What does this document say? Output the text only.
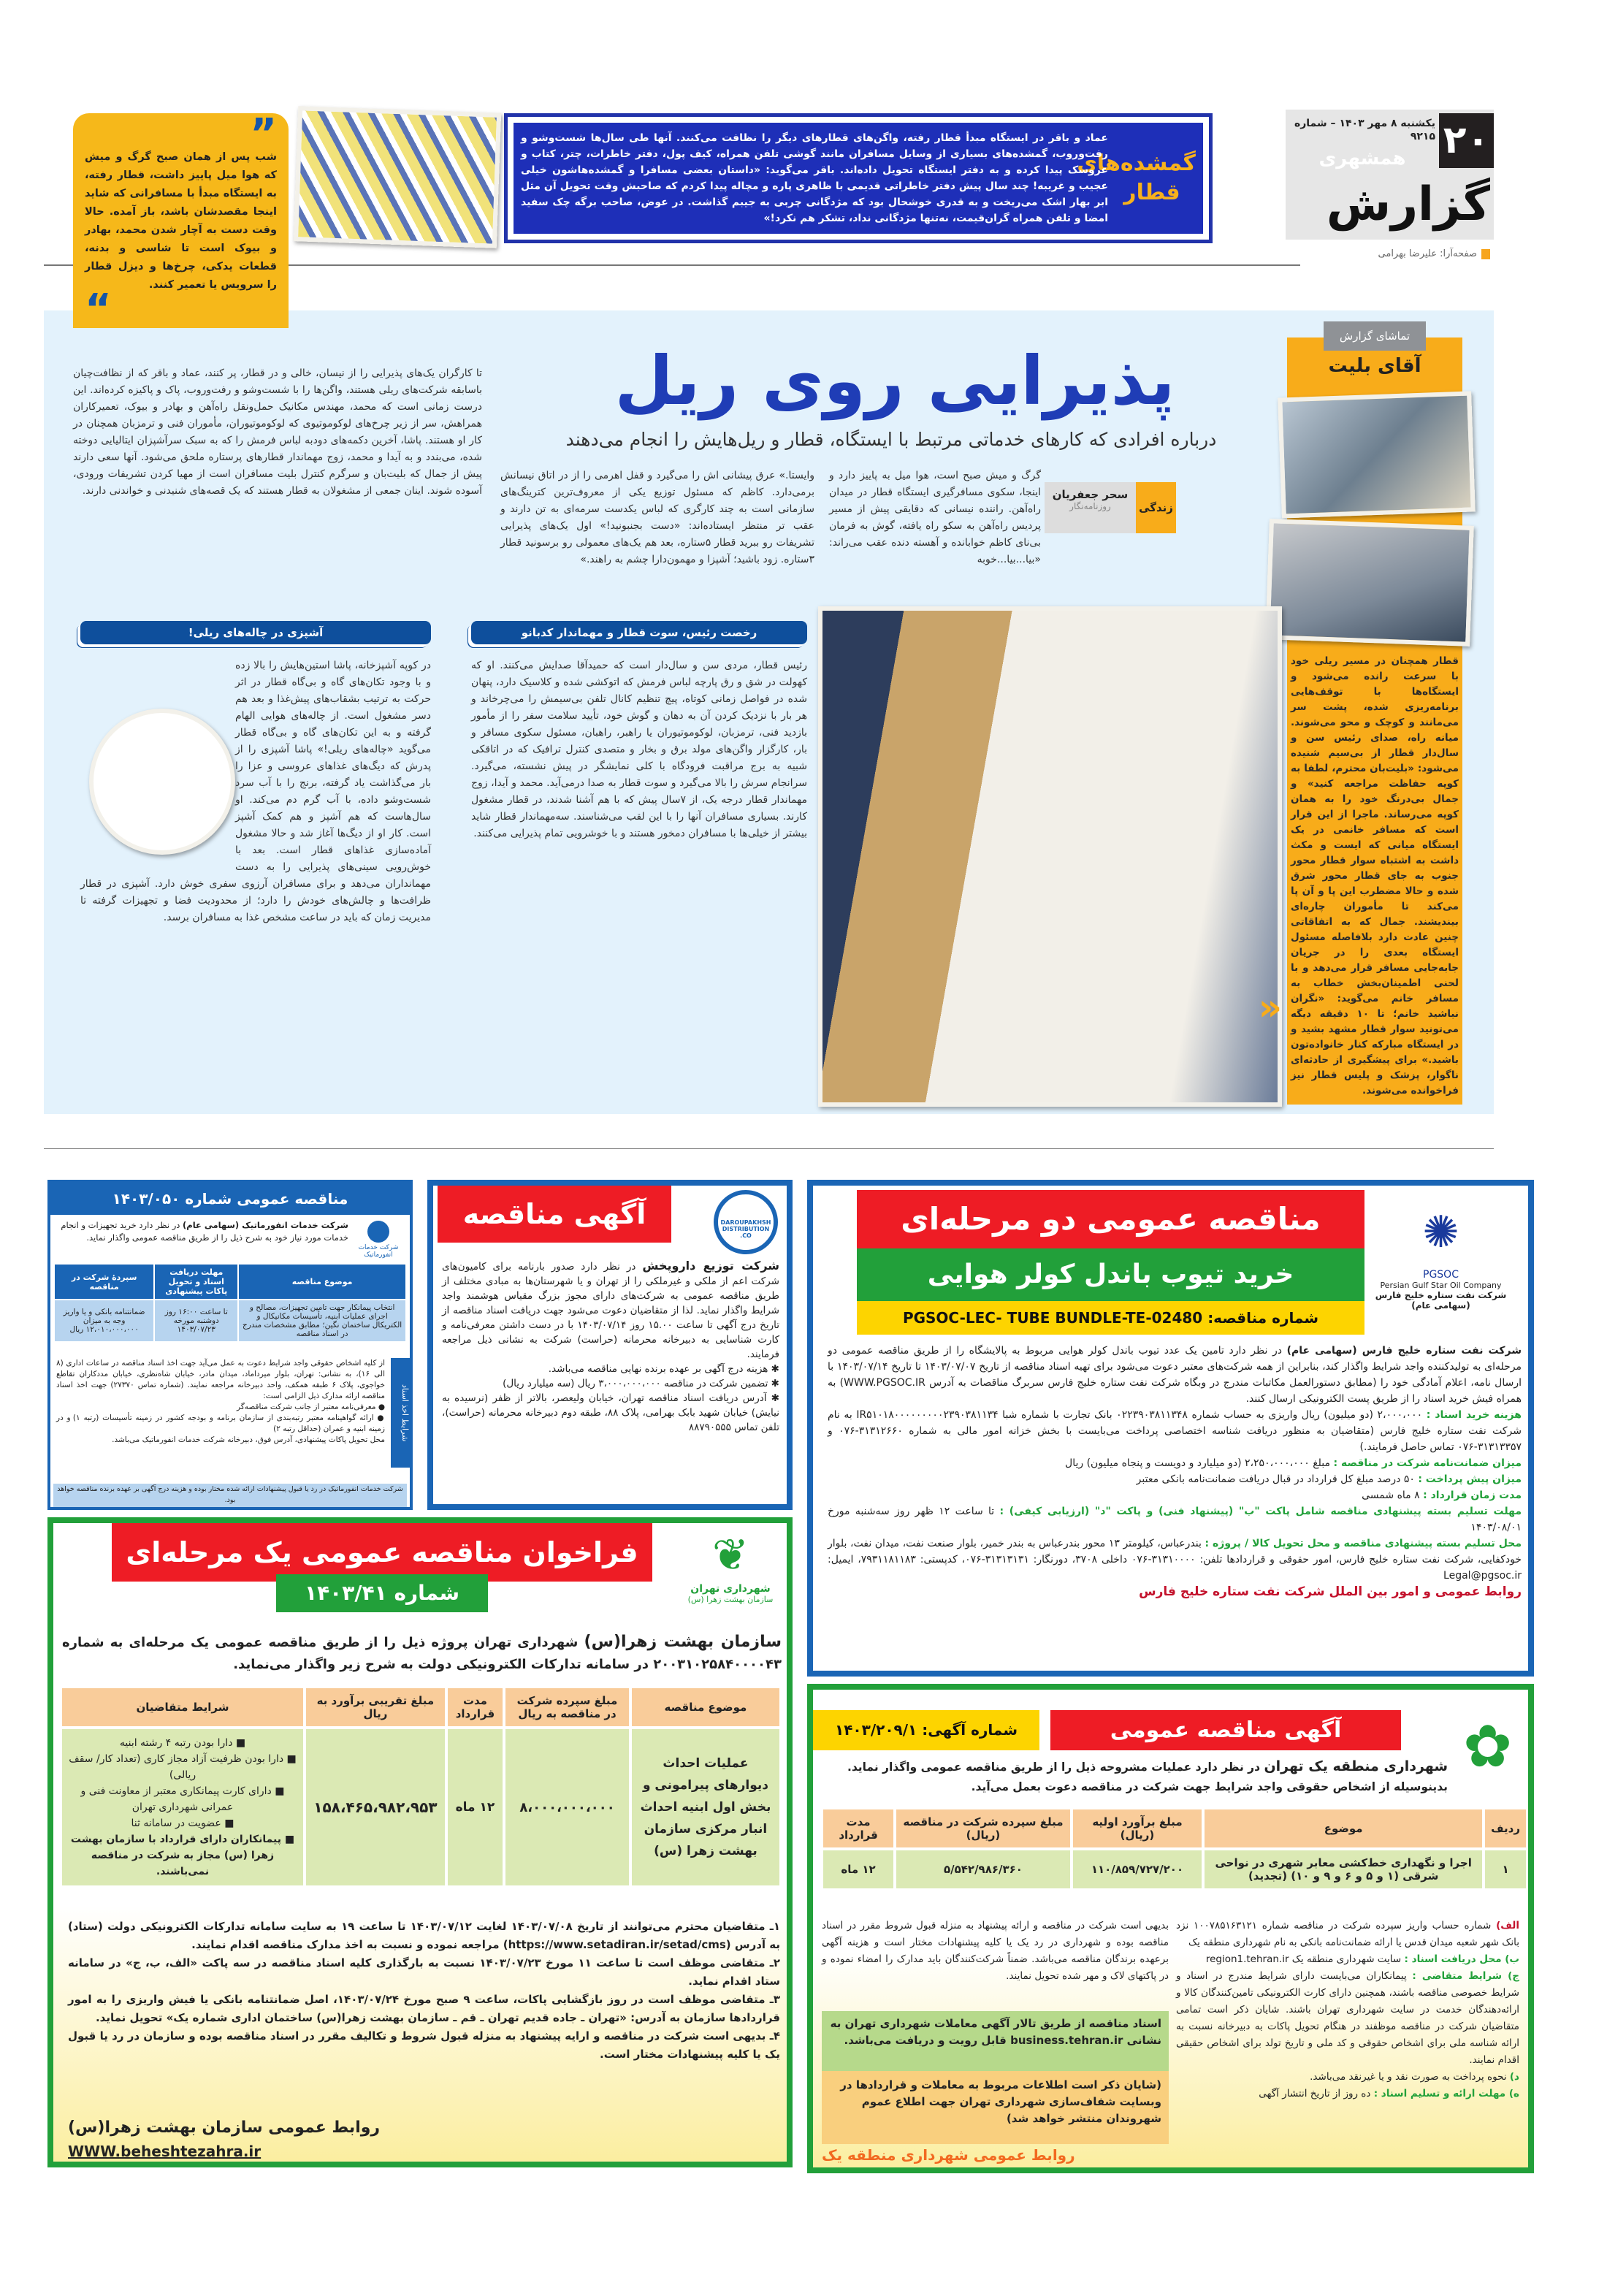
۲۰
یکشنبه ۸ مهر ۱۴۰۳ – شماره ۹۲۱۵
همشهری
گزارش
صفحه‌آرا: علیرضا بهرامی
گمشده‌های قطار
عماد و باقر در ایستگاه مبدأ قطار رفته، واگن‌های قطارهای دیگر را نظافت می‌کنند. آنها طی سال‌ها شست‌وشو و رفت‌وروب، گمشده‌های بسیاری از وسایل مسافران مانند گوشی تلفن همراه، کیف پول، دفتر خاطرات، چتر، کتاب و عروسک پیدا کرده و به دفتر ایستگاه تحویل داده‌اند. باقر می‌گوید: «داستان بعضی مسافرا و گمشده‌هاشون خیلی عجیب و غریبه! چند سال پیش دفتر خاطراتی قدیمی با ظاهری پاره و مچاله پیدا کردم که صاحبش وقت تحویل آن مثل ابر بهار اشک می‌ریخت و به قدری خوشحال بود که مژدگانی چربی به جیبم گذاشت. در عوض، صاحب برگه چک سفید امضا و تلفن همراه گران‌قیمت، نه‌تنها مژدگانی نداد، تشکر هم نکرد!»
”
شب پس از همان صبح گرگ و میش که هوا میل پاییز داشت، قطار رفته، به ایستگاه مبدأ با مسافرانی که شاید اینجا مقصدشان باشد، باز آمده. حالا وقت دست به آچار شدن محمد، بهادر و بیوک است تا شاسی و بدنه، قطعات یدکی، چرخ‌ها و دیزل قطار را سرویس یا تعمیر کنند.
“
تماشای گزارش
آقای بلیت
قطار همچنان در مسیر ریلی خود با سرعت رانده می‌شود و ایستگاه‌ها با توقف‌هایی برنامه‌ریزی شده، پشت سر می‌مانند و کوچک و محو می‌شوند. میانه راه، صدای رئیس سن و سال‌دار قطار از بی‌سیم شنیده می‌شود: «بلیت‌بان محترم، لطفا به کوپه حفاظت مراجعه کنید» و جمال بی‌درنگ خود را به همان کوپه می‌رساند. ماجرا از این قرار است که مسافر خانمی در یک ایستگاه میانی که ایست و مکث داشت به اشتباه سوار قطار محور جنوب به جای قطار محور شرق شده و حالا مضطرب این پا و آن پا می‌کند تا مأموران چاره‌ای بیندیشند. جمال که به اتفاقاتی چنین عادت دارد بلافاصله مسئول ایستگاه بعدی را در جریان جابه‌جایی مسافر قرار می‌دهد و با لحنی اطمینان‌بخش خطاب به مسافر خانم می‌گوید: «نگران نباشید خانم؛ تا ۱۰ دقیقه دیگه می‌تونید سوار قطار مشهد بشید و در ایستگاه مبارکه کنار خانواده‌تون باشید.» برای پیشگیری از حادثه‌ای ناگوار، پزشک و پلیس قطار نیز فراخوانده می‌شوند.
پذیرایی روی ریل
درباره افرادی که کارهای خدماتی مرتبط با ایستگاه، قطار و ریل‌هایش را انجام می‌دهند
زندگی
سحر جعفریان
روزنامه‌نگار
گرگ و میش صبح است، هوا میل به پاییز دارد و اینجا، سکوی مسافرگیری ایستگاه قطار در میدان راه‌آهن. راننده نیسانی که دقایقی پیش از مسیر پردیس راه‌آهن به سکو راه یافته، گوش به فرمان بی‌نای کاظم خوابانده و آهسته دنده عقب می‌راند: «بیا...بیا...خوبه
وایستا.» عرق پیشانی اش را می‌گیرد و قفل اهرمی را از در اتاق نیسانش برمی‌دارد. کاظم که مسئول توزیع یکی از معروف‌ترین کترینگ‌های سازمانی است به چند کارگری که لباس یکدست سرمه‌ای به تن دارند و عقب تر منتظر ایستاده‌اند: «دست بجنبونید!» اول یک‌های پذیرایی تشریفات رو ببرید قطار ۵ستاره، بعد هم یک‌های معمولی رو برسونید قطار ۳ستاره. زود باشید؛ آشپزا و مهمون‌دارا چشم به راهند.»
تا کارگران یک‌های پذیرایی را از نیسان، خالی و در قطار، پر کنند، عماد و باقر که از نظافت‌چیان باسابقه شرکت‌های ریلی هستند، واگن‌ها را با شست‌وشو و رفت‌وروب، پاک و پاکیزه کرده‌اند. این درست زمانی است که محمد، مهندس مکانیک حمل‌ونقل راه‌آهن و بهادر و بیوک، تعمیرکاران همراهش، سر از زیر چرخ‌های لوکوموتیوی که لوکوموتیوران، مأموران فنی و ترمزبان همچنان در کار او هستند. پاشا، آخرین دکمه‌های دودبه لباس فرمش را که به سبک سرآشپزان ایتالیایی دوخته شده، می‌بندد و به آیدا و محمد، زوج مهماندار قطارهای پرستاره ملحق می‌شود. آنها سعی دارند پیش از جمال که بلیت‌بان و سرگرم کنترل بلیت مسافران است از مهیا کردن تشریفات ورودی، آسوده شوند. اینان جمعی از مشغولان به قطار هستند که یک قصه‌های شنیدنی و خواندنی دارند.
«
رخصت رئیس، سوت قطار و مهماندار کدبانو
رئیس قطار، مردی سن و سال‌دار است که حمیدآقا صدایش می‌کنند. او که کهولت در شق و رق پارچه لباس فرمش که اتوکشی شده و کلاسیک دارد، پنهان شده در فواصل زمانی کوتاه، پیچ تنظیم کانال تلفن بی‌سیمش را می‌چرخاند و هر بار با نزدیک کردن آن به دهان و گوش خود، تأیید سلامت سفر را از مأمور بازدید فنی، ترمزبان، لوکوموتیوران یا راهبر، راهبان، مسئول سکوی مسافر و بار، کارگزار واگن‌های مولد برق و بخار و متصدی کنترل ترافیک که در اتاقکی شبیه به برج مراقبت فرودگاه با کلی نمایشگر در پیش نشسته، می‌گیرد. سرانجام سرش را بالا می‌گیرد و سوت قطار به صدا درمی‌آید. محمد و آیدا، زوج مهماندار قطار درجه یک، از ۷سال پیش که با هم آشنا شدند، در قطار مشغول کارند. بسیاری مسافران آنها را با این لقب می‌شناسند. سه‌مهماندار قطار شاید بیشتر از خیلی‌ها با مسافران دمخور هستند و با خوشرویی تمام پذیرایی می‌کنند.
آشپزی در چاله‌های ریلی!
در کوپه آشپزخانه، پاشا استین‌هایش را بالا زده و با وجود تکان‌های گاه و بی‌گاه قطار در اثر حرکت به ترتیب بشقاب‌های پیش‌غذا و بعد هم دسر مشغول است. از چاله‌های هوایی الهام گرفته و به این تکان‌های گاه و بی‌گاه قطار می‌گوید «چاله‌های ریلی!» پاشا آشپزی را از پدرش که دیگ‌های غذاهای عروسی و عزا را بار می‌گذاشت یاد گرفته، برنج را با آب سرد شست‌وشو داده، با آب گرم دم می‌کند. او سال‌هاست که هم آشپز و هم کمک آشپز است. کار او از دیگ‌ها آغاز شد و حالا مشغول آماده‌سازی غذاهای قطار است. بعد با خوش‌رویی سینی‌های پذیرایی را به دست مهمانداران می‌دهد و برای مسافران آرزوی سفری خوش دارد. آشپزی در قطار ظرافت‌ها و چالش‌های خودش را دارد؛ از محدودیت فضا و تجهیزات گرفته تا مدیریت زمان که باید در ساعت مشخص غذا به مسافران برسد.
✺
PGSOC
Persian Gulf Star Oil Company
شرکت نفت ستاره خلیج فارس (سهامی عام)
مناقصه عمومی دو مرحله‌ای
خرید تیوب باندل کولر هوایی
شماره مناقصه: PGSOC-LEC- TUBE BUNDLE-TE-02480

شرکت نفت ستاره خلیج فارس (سهامی عام) در نظر دارد تامین یک عدد تیوب باندل کولر هوایی مربوط به پالایشگاه را از طریق مناقصه عمومی دو مرحله‌ای به تولیدکننده واجد شرایط واگذار کند، بنابراین از همه شرکت‌های معتبر دعوت می‌شود برای تهیه اسناد مناقصه از تاریخ ۱۴۰۳/۰۷/۰۷ تا تاریخ ۱۴۰۳/۰۷/۱۴ با ارسال نامه، اعلام آمادگی خود را (مطابق دستورالعمل مکاتبات مندرج در وبگاه شرکت نفت ستاره خلیج فارس سربرگ مناقصات به آدرس WWW.PGSOC.IR) به همراه فیش خرید اسناد را از طریق پست الکترونیکی ارسال کنند.

هزینه خرید اسناد : ۲،۰۰۰،۰۰۰ (دو میلیون) ریال واریزی به حساب شماره ۰۲۲۳۹۰۳۸۱۱۳۴۸ بانک تجارت با شماره شبا IR۵۱۰۱۸۰۰۰۰۰۰۰۰۰۲۳۹۰۳۸۱۱۳۴ به نام شرکت نفت ستاره خلیج فارس (متقاضیان به منظور دریافت شناسه اختصاصی پرداخت می‌بایست با بخش خزانه امور مالی به شماره ۳۱۳۱۲۶۶۰-۰۷۶ و ۳۱۳۱۳۳۵۷-۰۷۶ تماس حاصل فرمایند.)

میزان ضمانت‌نامه شرکت در مناقصه : مبلغ ۲،۲۵۰،۰۰۰،۰۰۰ (دو میلیارد و دویست و پنجاه میلیون) ریال

میزان پیش پرداخت : ۵۰ درصد مبلغ کل قرارداد در قبال دریافت ضمانت‌نامه بانکی معتبر

مدت زمان قرارداد : ۸ ماه شمسی

مهلت تسلیم بسته پیشنهادی مناقصه شامل پاکت "ب" (پیشنهاد فنی) و پاکت "د" (ارزیابی کیفی) : تا ساعت ۱۲ ظهر روز سه‌شنبه مورخ ۱۴۰۳/۰۸/۰۱

محل تسلیم بسته پیشنهادی مناقصه و محل تحویل کالا / پروژه : بندرعباس، کیلومتر ۱۳ محور بندرعباس به بندر خمیر، بلوار صنعت نفت، میدان نفت، بلوار خودکفایی، شرکت نفت ستاره خلیج فارس، امور حقوقی و قراردادها تلفن: ۳۱۳۱۰۰۰۰-۰۷۶ داخلی ۳۷۰۸، دورنگار: ۳۱۳۱۳۱۳۱-۰۷۶، کدپستی: ۷۹۳۱۱۸۱۱۸۳، ایمیل: Legal@pgsoc.ir

روابط عمومی و امور بین الملل شرکت نفت ستاره خلیج فارس

آگهی مناقصه	DAROUPAKHSH DISTRIBUTION CO.

شرکت توزیع داروپخش در نظر دارد صدور بارنامه برای کامیون‌های شرکت اعم از ملکی و غیرملکی را از تهران و یا شهرستان‌ها به مبادی مختلف از طریق مناقصه عمومی به شرکت‌های دارای مجوز بزرگ مقیاس هوشمند واجد شرایط واگذار نماید. لذا از متقاضیان دعوت می‌شود جهت دریافت اسناد مناقصه از تاریخ درج آگهی تا ساعت ۱۵.۰۰ روز ۱۴۰۳/۰۷/۱۴ با در دست داشتن معرفی‌نامه و کارت شناسایی به دبیرخانه محرمانه (حراست) شرکت به نشانی ذیل مراجعه فرمایند.

✱ هزینه درج آگهی بر عهده برنده نهایی مناقصه می‌باشد.

✱ تضمین شرکت در مناقصه ۳،۰۰۰،۰۰۰،۰۰۰ ریال (سه میلیارد ریال)

✱ آدرس دریافت اسناد مناقصه تهران، خیابان ولیعصر، بالاتر از ظفر (نرسیده به نیایش) خیابان شهید بابک بهرامی، پلاک ۸۸، طبقه دوم دبیرخانه محرمانه (حراست)، تلفن تماس ۸۸۷۹۰۵۵۵

مناقصه عمومی شماره ۱۴۰۳/۰۵۰
شرکت خدمات انفورماتیک
شرکت خدمات انفورماتیک (سهامی عام) در نظر دارد خرید تجهیزات و انجام خدمات مورد نیاز خود به شرح ذیل را از طریق مناقصه عمومی واگذار نماید.
موضوع مناقصه	مهلت دریافت اسناد و تحویل پاکات پیشنهادی	سپردهٔ شرکت در مناقصه
انتخاب پیمانکار جهت تامین تجهیزات، مصالح و اجرای عملیات ابنیه، تأسیسات مکانیکال و الکتریکال ساختمان نگین؛ مطابق مشخصات مندرج در اسناد مناقصه	تا ساعت ۱۶:۰۰ روز دوشنبه مورخه ۱۴۰۳/۰۷/۲۳	ضمانتنامه بانکی و یا واریز وجه به میزان ۱۲،۰۱۰،۰۰۰،۰۰۰ ریال
شرایط اخذ اسناد

از کلیه اشخاص حقوقی واجد شرایط دعوت به عمل می‌آید جهت اخذ اسناد مناقصه در ساعات اداری (۸ الی ۱۶)، به نشانی: تهران، بلوار میرداماد، میدان مادر، خیابان شاه‌نظری، خیابان مددکاران تقاطع خواجوی، پلاک ۶ طبقه همکف، واحد دبیرخانه مراجعه نمایند. (شماره تماس ۲۷۳۷۰) جهت اخذ اسناد مناقصه ارائه مدارک ذیل الزامی است:

● معرفی‌نامه معتبر از جانب شرکت مناقصه‌گر

● ارائه گواهینامه معتبر رتبه‌بندی از سازمان برنامه و بودجه کشور در زمینه تأسیسات (رتبه ۱) و در زمینه ابنیه و عمران (حداقل رتبه ۲)

محل تحویل پاکات پیشنهادی، آدرس فوق، دبیرخانه شرکت خدمات انفورماتیک می‌باشد.

شرکت خدمات انفورماتیک در رد یا قبول پیشنهادات ارائه شده مختار بوده و هزینه درج آگهی بر عهده برنده مناقصه خواهد بود.
فراخوان مناقصه عمومی یک مرحله‌ای
شماره ۱۴۰۳/۴۱
❦
شهرداری تهران
سازمان بهشت زهرا (س)
سازمان بهشت زهرا(س) شهرداری تهران پروژه ذیل را از طریق مناقصه عمومی یک مرحله‌ای به شماره ۲۰۰۳۱۰۲۵۸۴۰۰۰۰۴۳ در سامانه تدارکات الکترونیکی دولت به شرح زیر واگذار می‌نماید.
موضوع مناقصه	مبلغ سپرده شرکت در مناقصه به ریال	مدت قرارداد	مبلغ تقریبی برآورد به ریال	شرایط متقاضیان
عملیات احداث دیوارهای پیرامونی و بخش اول ابنیه احداث انبار مرکزی سازمان بهشت زهرا (س)	۸،۰۰۰،۰۰۰،۰۰۰	۱۲ ماه	۱۵۸،۴۶۵،۹۸۲،۹۵۳	■ دارا بودن رتبه ۴ رشته ابنیه
■ دارا بودن ظرفیت آزاد مجاز کاری (تعداد کار/ سقف ریالی)
■ دارای کارت پیمانکاری معتبر از معاونت فنی و عمرانی شهرداری تهران
■ عضویت در سامانه ثنا
■ پیمانکاران دارای قرارداد با سازمان بهشت زهرا (س) مجاز به شرکت در مناقصه نمی‌باشند.

۱ـ متقاضیان محترم می‌توانند از تاریخ ۱۴۰۳/۰۷/۰۸ لغایت ۱۴۰۳/۰۷/۱۲ تا ساعت ۱۹ به سایت سامانه تدارکات الکترونیکی دولت (ستاد) به آدرس (https://www.setadiran.ir/setad/cms) مراجعه نموده و نسبت به اخذ مدارک مناقصه اقدام نمایند.

۲ـ متقاضی موظف است تا ساعت ۱۱ مورخ ۱۴۰۳/۰۷/۲۳ نسبت به بارگذاری کلیه اسناد مناقصه در سه پاکت «الف، ب، ج» در سامانه ستاد اقدام نماید.

۳ـ متقاضی موظف است در روز بازگشایی پاکات، ساعت ۹ صبح مورخ ۱۴۰۳/۰۷/۲۴، اصل ضمانتنامه بانکی یا فیش واریزی را به امور قراردادها سازمان به آدرس: «تهران ـ جاده قدیم تهران ـ قم ـ سازمان بهشت زهرا(س) ساختمان اداری شماره یک» تحویل نماید.

۴ـ بدیهی است شرکت در مناقصه و ارایه پیشنهاد به منزله قبول شروط و تکالیف مقرر در اسناد مناقصه بوده و سازمان در رد یا قبول یک یا کلیه پیشنهادات مختار است.

روابط عمومی سازمان بهشت زهرا(س)
WWW.beheshtezahra.ir
آگهی مناقصه عمومی
شماره آگهی: ۱۴۰۳/۲۰۹/۱	✿
شهرداری منطقه یک تهران در نظر دارد عملیات مشروحه ذیل را از طریق مناقصه عمومی واگذار نماید. بدینوسیله از اشخاص حقوقی واجد شرایط جهت شرکت در مناقصه دعوت بعمل می‌آید.
ردیف	موضوع	مبلغ برآورد اولیه (ریال)	مبلغ سپرده شرکت در مناقصه (ریال)	مدت قرارداد
۱	اجرا و نگهداری خط‌کشی معابر شهری در نواحی شرقی (۱ و ۵ و ۶ و ۹ و ۱۰) (تجدید)	۱۱۰/۸۵۹/۷۲۷/۲۰۰	۵/۵۴۲/۹۸۶/۳۶۰	۱۲ ماه

الف) شماره حساب واریز سپرده شرکت در مناقصه شماره ۱۰۰۷۸۵۱۶۳۱۲۱ نزد بانک شهر شعبه میدان قدس یا ارائه ضمانت‌نامه بانکی به نام شهرداری منطقه یک

ب) محل دریافت اسناد : سایت شهرداری منطقه یک region1.tehran.ir

ج) شرایط متقاضی : پیمانکاران می‌بایست دارای شرایط مندرج در اسناد و شرایط خصوصی مناقصه باشند، همچنین دارای کارت الکترونیکی تامین‌کنندگان کالا و ارائه‌دهندگان خدمت در سایت شهرداری تهران باشند. شایان ذکر است تمامی متقاضیان شرکت در مناقصه موظفند در هنگام تحویل پاکات به دبیرخانه نسبت به ارائه شناسه ملی برای اشخاص حقوقی و کد ملی و تاریخ تولد برای اشخاص حقیقی اقدام نمایند.

د) نحوه پرداخت به صورت نقد و یا غیرنقد می‌باشد.

ه) مهلت ارائه و تسلیم اسناد : ده روز از تاریخ انتشار آگهی

بدیهی است شرکت در مناقصه و ارائه پیشنهاد به منزله قبول شروط مقرر در اسناد مناقصه بوده و شهرداری در رد یک یا کلیه پیشنهادات مختار است و هزینه آگهی برعهده برندگان مناقصه می‌باشد. ضمناً شرکت‌کنندگان باید مدارک را امضاء نموده و در پاکتهای لاک و مهر شده تحویل نمایند.
اسناد مناقصه از طریق تالار آگهی معاملات شهرداری تهران به نشانی business.tehran.ir قابل رویت و دریافت می‌باشد.
(شایان ذکر است اطلاعات مربوط به معاملات و قراردادها در وبسایت شفاف‌سازی شهرداری تهران جهت اطلاع عموم شهروندان منتشر خواهد شد)
روابط عمومی شهرداری منطقه یک
